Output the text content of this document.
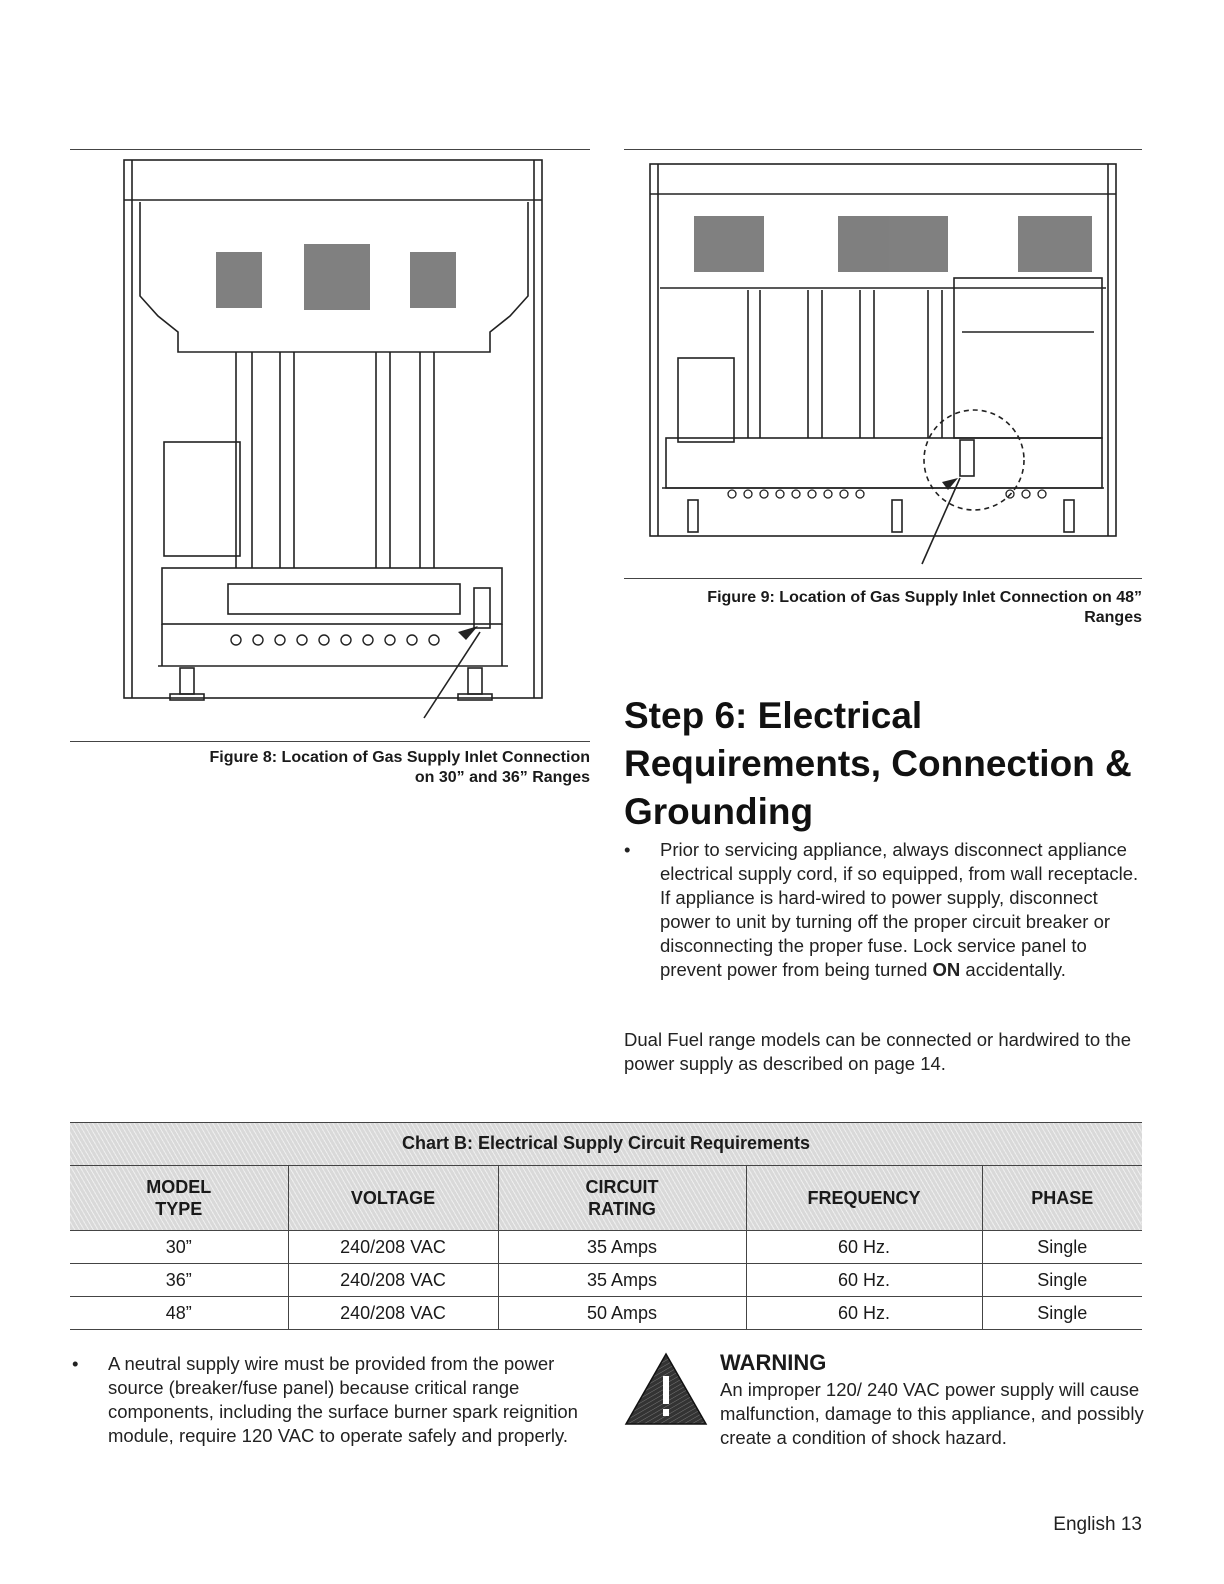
Figure 8: Location of Gas Supply Inlet Connection
on 30” and 36” Ranges
Figure 9: Location of Gas Supply Inlet Connection on 48”
Ranges
Step 6: Electrical Requirements, Connection & Grounding
• Prior to servicing appliance, always disconnect appliance electrical supply cord, if so equipped, from wall receptacle. If appliance is hard-wired to power supply, disconnect power to unit by turning off the proper circuit breaker or disconnecting the proper fuse. Lock service panel to prevent power from being turned ON accidentally.
Dual Fuel range models can be connected or hardwired to the power supply as described on page 14.
Chart B: Electrical Supply Circuit Requirements
MODEL TYPE	VOLTAGE	CIRCUIT RATING	FREQUENCY	PHASE
30”	240/208 VAC	35 Amps	60 Hz.	Single
36”	240/208 VAC	35 Amps	60 Hz.	Single
48”	240/208 VAC	50 Amps	60 Hz.	Single
• A neutral supply wire must be provided from the power source (breaker/fuse panel) because critical range components, including the surface burner spark reignition module, require 120 VAC to operate safely and properly.
WARNING
An improper 120/ 240 VAC power supply will cause malfunction, damage to this appliance, and possibly create a condition of shock hazard.
English 13
